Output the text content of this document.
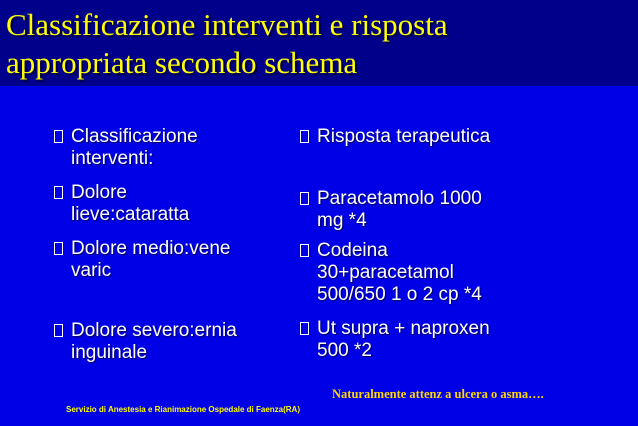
Classificazione interventi e risposta
appropriata secondo schema
Classificazione
interventi:
Dolore
lieve:cataratta
Dolore medio:vene
varic
Dolore severo:ernia
inguinale
Risposta terapeutica
Paracetamolo 1000
mg *4
Codeina
30+paracetamol
500/650 1 o 2 cp *4
Ut supra + naproxen
500 *2
Naturalmente attenz a ulcera o asma….
Servizio di Anestesia e Rianimazione Ospedale di Faenza(RA)
